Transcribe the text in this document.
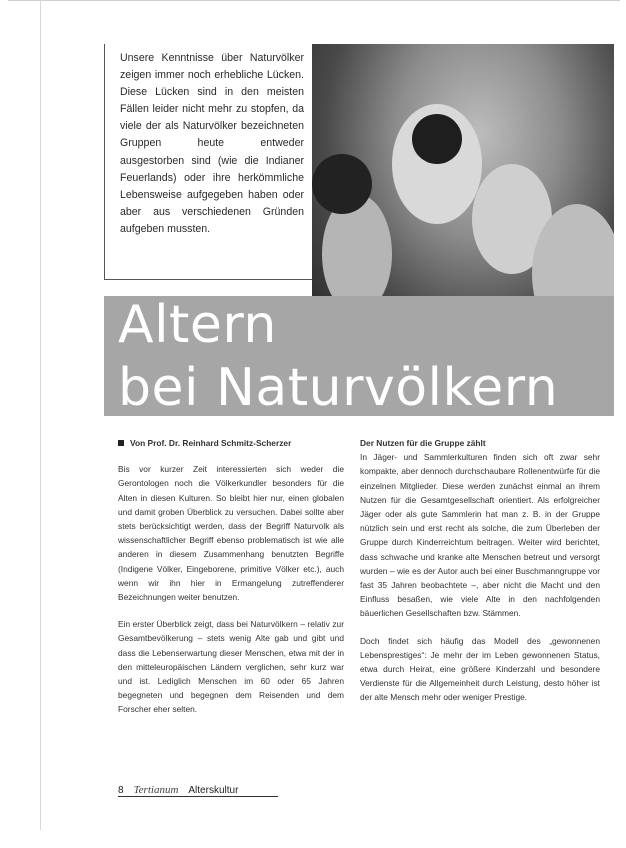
Unsere Kenntnisse über Naturvölker zeigen immer noch erhebliche Lücken. Diese Lücken sind in den meisten Fällen leider nicht mehr zu stopfen, da viele der als Naturvölker bezeichneten Gruppen heute entweder ausgestorben sind (wie die Indianer Feuerlands) oder ihre herkömmliche Lebensweise aufgegeben haben oder aber aus verschiedenen Gründen aufgeben mussten.

Altern
bei Naturvölkern
Von Prof. Dr. Reinhard Schmitz-Scherzer

Bis vor kurzer Zeit interessierten sich weder die Gerontologen noch die Völkerkundler besonders für die Alten in diesen Kulturen. So bleibt hier nur, einen globalen und damit groben Überblick zu versuchen. Dabei sollte aber stets berücksichtigt werden, dass der Begriff Naturvolk als wissenschaftlicher Begriff ebenso problematisch ist wie alle anderen in diesem Zusammenhang benutzten Begriffe (Indigene Völker, Eingeborene, primitive Völker etc.), auch wenn wir ihn hier in Ermangelung zutreffenderer Bezeichnungen weiter benutzen.

Ein erster Überblick zeigt, dass bei Naturvölkern – relativ zur Gesamtbevölkerung – stets wenig Alte gab und gibt und dass die Lebenserwartung dieser Menschen, etwa mit der in den mitteleuropäischen Ländern verglichen, sehr kurz war und ist. Lediglich Menschen im 60 oder 65 Jahren begegneten und begegnen dem Reisenden und dem Forscher eher selten.

Der Nutzen für die Gruppe zählt

In Jäger- und Sammlerkulturen finden sich oft zwar sehr kompakte, aber dennoch durchschaubare Rollenentwürfe für die einzelnen Mitglieder. Diese werden zunächst einmal an ihrem Nutzen für die Gesamtgesellschaft orientiert. Als erfolgreicher Jäger oder als gute Sammlerin hat man z. B. in der Gruppe nützlich sein und erst recht als solche, die zum Überleben der Gruppe durch Kinderreichtum beitragen. Weiter wird berichtet, dass schwache und kranke alte Menschen betreut und versorgt wurden – wie es der Autor auch bei einer Buschmanngruppe vor fast 35 Jahren beobachtete –, aber nicht die Macht und den Einfluss besaßen, wie viele Alte in den nachfolgenden bäuerlichen Gesellschaften bzw. Stämmen.

Doch findet sich häufig das Modell des „gewonnenen Lebensprestiges“: Je mehr der im Leben gewonnenen Status, etwa durch Heirat, eine größere Kinderzahl und besondere Verdienste für die Allgemeinheit durch Leistung, desto höher ist der alte Mensch mehr oder weniger Prestige.

8 Tertianum Alterskultur
